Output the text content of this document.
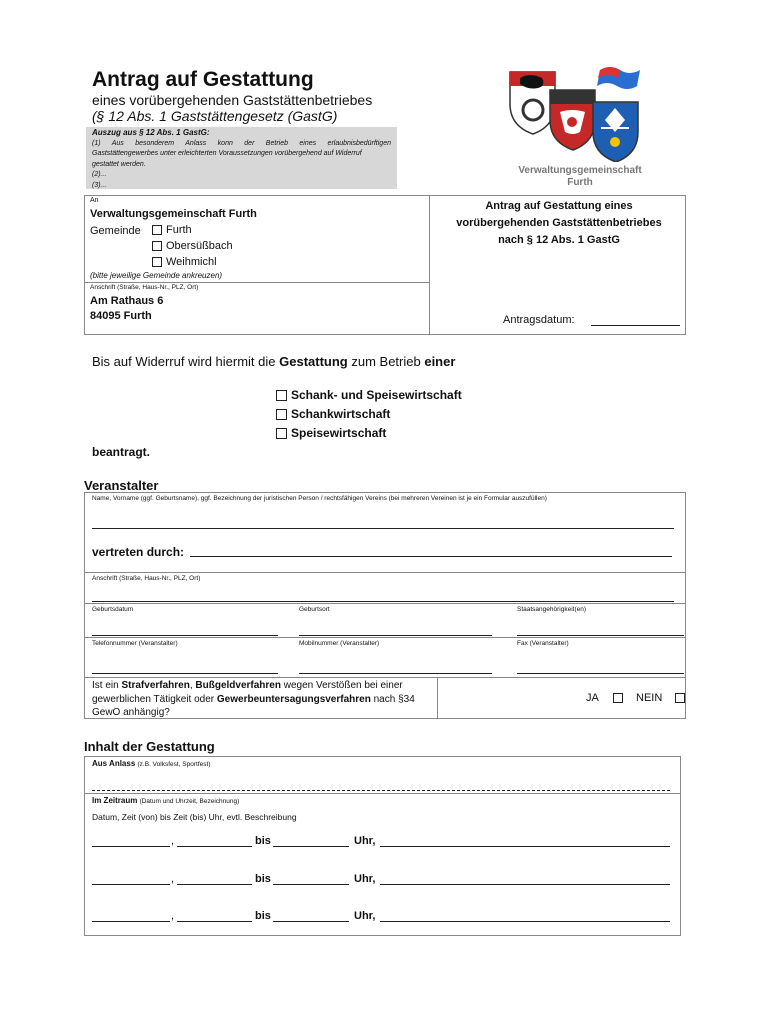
Antrag auf Gestattung
eines vorübergehenden Gaststättenbetriebes
(§ 12 Abs. 1 Gaststättengesetz (GastG)
Auszug aus § 12 Abs. 1 GastG:
(1) Aus besonderem Anlass konn der Betrieb eines erlaubnisbedürftigen
Gaststättengewerbes unter erleichterten Voraussetzungen vorübergehend auf Widerruf
gestattet werden.
(2)...
(3)...
Verwaltungsgemeinschaft
Furth
An
Verwaltungsgemeinschaft Furth
Gemeinde	Furth
Obersüßbach
Weihmichl
(bitte jeweilige Gemeinde ankreuzen)
Anschrift (Straße, Haus-Nr., PLZ, Ort)
Am Rathaus 6
84095 Furth
Antrag auf Gestattung eines
vorübergehenden Gaststättenbetriebes
nach § 12 Abs. 1 GastG
Antragsdatum:
Bis auf Widerruf wird hiermit die Gestattung zum Betrieb einer
Schank- und Speisewirtschaft
Schankwirtschaft
Speisewirtschaft
beantragt.
Veranstalter
Name, Vorname (ggf. Geburtsname), ggf. Bezeichnung der juristischen Person / rechtsfähigen Vereins (bei mehreren Vereinen ist je ein Formular auszufüllen)
vertreten durch:
Anschrift (Straße, Haus-Nr., PLZ, Ort)
Geburtsdatum	Geburtsort	Staatsangehörigkeit(en)
Telefonnummer (Veranstalter)	Mobilnummer (Veranstalter)	Fax (Veranstalter)
Ist ein Strafverfahren, Bußgeldverfahren wegen Verstößen bei einer gewerblichen Tätigkeit oder Gewerbeuntersagungsverfahren nach §34 GewO anhängig?
JA	NEIN
Inhalt der Gestattung
Aus Anlass (z.B. Volksfest, Sportfest)
Im Zeitraum (Datum und Uhrzeit, Bezeichnung)
Datum, Zeit (von) bis Zeit (bis) Uhr, evtl. Beschreibung
,	bis	Uhr,
,	bis	Uhr,
,	bis	Uhr,
